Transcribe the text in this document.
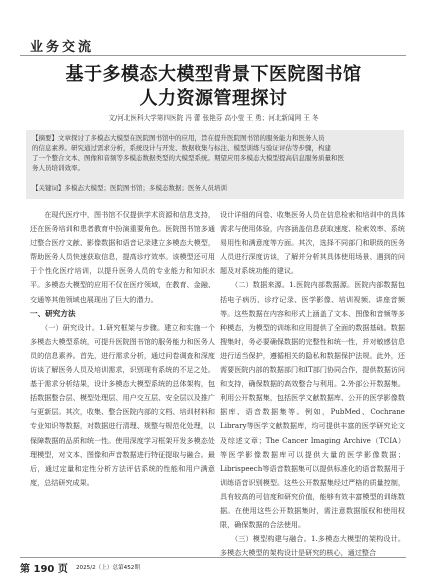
业务交流
基于多模态大模型背景下医院图书馆
人力资源管理探讨
文/河北医科大学第四医院 冯 蕾 张艳芬 高小莹 王 勇；河北新闻网 王 冬
【摘要】文章探讨了多模态大模型在医院图书馆中的应用，旨在提升医院图书馆的服务能力和医务人员
的信息素养。研究通过需求分析，系统设计与开发、数据收集与标注、模型训练与验证评估等步骤，构建
了一个整合文本、图像和音频等多模态数据类型的大模型系统。期望应用多模态大模型提高信息服务质量和医
务人员培训效率。
【关键词】多模态大模型；医院图书馆；多模态数据；医务人员培训

　　在现代医疗中，图书馆不仅提供学术资源和信息支持，还在医务培训和患者教育中扮演重要角色。医院图书馆多通过整合医疗文献、影像数据和语音记录建立多模态大模型，帮助医务人员快速获取信息，提高诊疗效率。该模型还可用于个性化医疗培训，以提升医务人员的专业能力和知识水平。多模态大模型的应用不仅在医疗领域，在教育、金融、交通等其他领域也展现出了巨大的潜力。

一、研究方法

　　（一）研究设计。1.研究框架与步骤。建立和实施一个多模态大模型系统，可提升医院图书馆的服务能力和医务人员的信息素养。首先，进行需求分析，通过问卷调查和深度访谈了解医务人员及培训需求，识别现有系统的不足之处。基于需求分析结果，设计多模态大模型系统的总体架构，包括数据整合层、模型处理层、用户交互层、安全层以及推广与更新层。其次，收集、整合医院内部的文档、培训材料和专业知识等数据，对数据进行清理、规整与规范化处理，以保障数据的品质和统一性。使用深度学习框架开发多模态处理模型，对文本、图像和声音数据进行特征提取与融合。最后，通过定量和定性分析方法评估系统的性能和用户满意度，总结研究成果。

设计详细的问卷、收集医务人员在信息检索和培训中的具体需求与使用体验，内容涵盖信息获取速度、检索效率、系统易用性和满意度等方面。其次，选择不同部门和职级的医务人员进行深度访谈，了解并分析其具体使用场景、遇到的问题及对系统功能的建议。

　　（二）数据来源。1.医院内部数据源。医院内部数据包括电子病历、诊疗记录、医学影像、培训视频、讲座音频等。这些数据在内容和形式上涵盖了文本、图像和音频等多种模态，为模型的训练和应用提供了全面的数据基础。数据搜集时，务必要确保数据的完整性和统一性，并对敏感信息进行适当保护，遵循相关的隐私和数据保护法规。此外，还需要医院内部的数据部门和IT部门协同合作，提供数据访问和支持，确保数据的高效整合与利用。2.外部公开数据集。利用公开数据集，包括医学文献数据库、公开的医学影像数据库、语音数据集等。例如，PubMed、Cochrane Library等医学文献数据库，均可提供丰富的医学研究论文及综述文章；The Cancer Imaging Archive（TCIA）等医学影像数据库可以提供大量的医学影像数据；Librispeech等语音数据集可以提供标准化的语音数据用于训练语音识别模型。这些公开数据集经过严格的质量控制，具有较高的可信度和研究价值，能够有效丰富模型的训练数据。在使用这些公开数据集时，需注意数据版权和使用权限，确保数据的合法使用。

　　（三）模型构建与融合。1.多模态大模型的架构设计。多模态大模型的架构设计是研究的核心，通过整合

第 190 页 2025/2（上）总第452期
